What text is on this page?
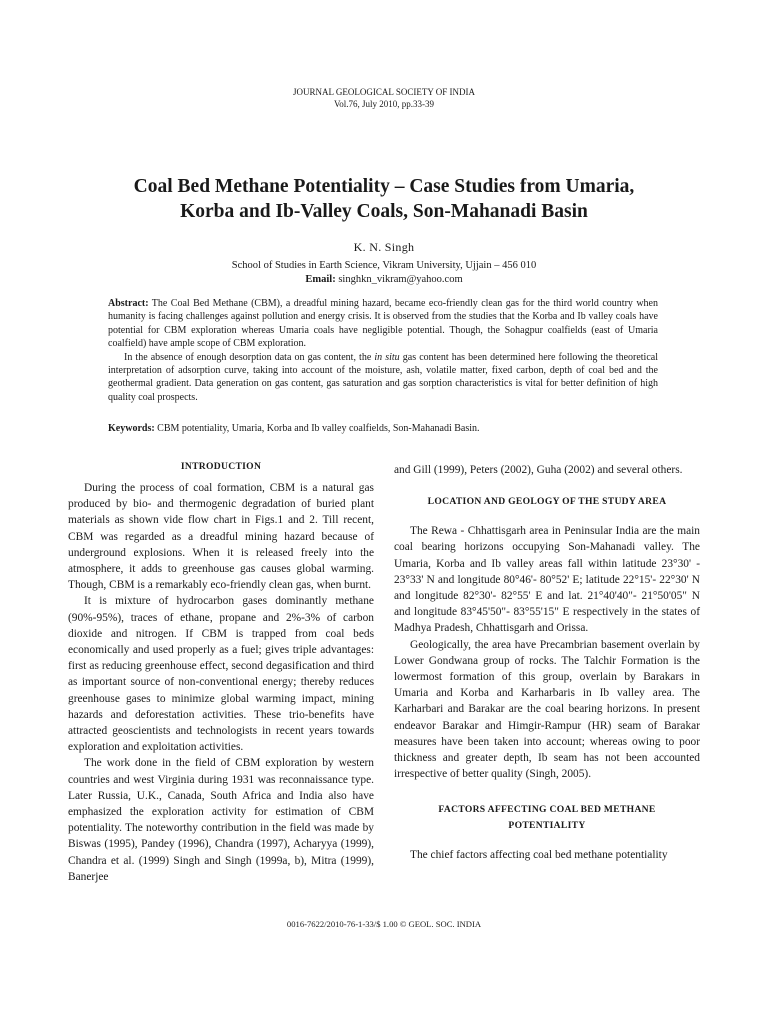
JOURNAL GEOLOGICAL SOCIETY OF INDIA
Vol.76, July 2010, pp.33-39
Coal Bed Methane Potentiality – Case Studies from Umaria,
Korba and Ib-Valley Coals, Son-Mahanadi Basin
K. N. Singh
School of Studies in Earth Science, Vikram University, Ujjain – 456 010
Email: singhkn_vikram@yahoo.com

Abstract: The Coal Bed Methane (CBM), a dreadful mining hazard, became eco-friendly clean gas for the third world country when humanity is facing challenges against pollution and energy crisis. It is observed from the studies that the Korba and Ib valley coals have potential for CBM exploration whereas Umaria coals have negligible potential. Though, the Sohagpur coalfields (east of Umaria coalfield) have ample scope of CBM exploration.

In the absence of enough desorption data on gas content, the in situ gas content has been determined here following the theoretical interpretation of adsorption curve, taking into account of the moisture, ash, volatile matter, fixed carbon, depth of coal bed and the geothermal gradient. Data generation on gas content, gas saturation and gas sorption characteristics is vital for better definition of high quality coal prospects.

Keywords: CBM potentiality, Umaria, Korba and Ib valley coalfields, Son-Mahanadi Basin.
INTRODUCTION

During the process of coal formation, CBM is a natural gas produced by bio- and thermogenic degradation of buried plant materials as shown vide flow chart in Figs.1 and 2. Till recent, CBM was regarded as a dreadful mining hazard because of underground explosions. When it is released freely into the atmosphere, it adds to greenhouse gas causes global warming. Though, CBM is a remarkably eco-friendly clean gas, when burnt.

It is mixture of hydrocarbon gases dominantly methane (90%-95%), traces of ethane, propane and 2%-3% of carbon dioxide and nitrogen. If CBM is trapped from coal beds economically and used properly as a fuel; gives triple advantages: first as reducing greenhouse effect, second degasification and third as important source of non-conventional energy; thereby reduces greenhouse gases to minimize global warming impact, mining hazards and deforestation activities. These trio-benefits have attracted geoscientists and technologists in recent years towards exploration and exploitation activities.

The work done in the field of CBM exploration by western countries and west Virginia during 1931 was reconnaissance type. Later Russia, U.K., Canada, South Africa and India also have emphasized the exploration activity for estimation of CBM potentiality. The noteworthy contribution in the field was made by Biswas (1995), Pandey (1996), Chandra (1997), Acharyya (1999), Chandra et al. (1999) Singh and Singh (1999a, b), Mitra (1999), Banerjee

and Gill (1999), Peters (2002), Guha (2002) and several others.

LOCATION AND GEOLOGY OF THE STUDY AREA

The Rewa - Chhattisgarh area in Peninsular India are the main coal bearing horizons occupying Son-Mahanadi valley. The Umaria, Korba and Ib valley areas fall within latitude 23°30' - 23°33' N and longitude 80°46'- 80°52' E; latitude 22°15'- 22°30' N and longitude 82°30'- 82°55' E and lat. 21°40'40"- 21°50'05" N and longitude 83°45'50"- 83°55'15" E respectively in the states of Madhya Pradesh, Chhattisgarh and Orissa.

Geologically, the area have Precambrian basement overlain by Lower Gondwana group of rocks. The Talchir Formation is the lowermost formation of this group, overlain by Barakars in Umaria and Korba and Karharbaris in Ib valley area. The Karharbari and Barakar are the coal bearing horizons. In present endeavor Barakar and Himgir-Rampur (HR) seam of Barakar measures have been taken into account; whereas owing to poor thickness and greater depth, Ib seam has not been accounted irrespective of better quality (Singh, 2005).

FACTORS AFFECTING COAL BED METHANE
POTENTIALITY

The chief factors affecting coal bed methane potentiality

0016-7622/2010-76-1-33/$ 1.00 © GEOL. SOC. INDIA
